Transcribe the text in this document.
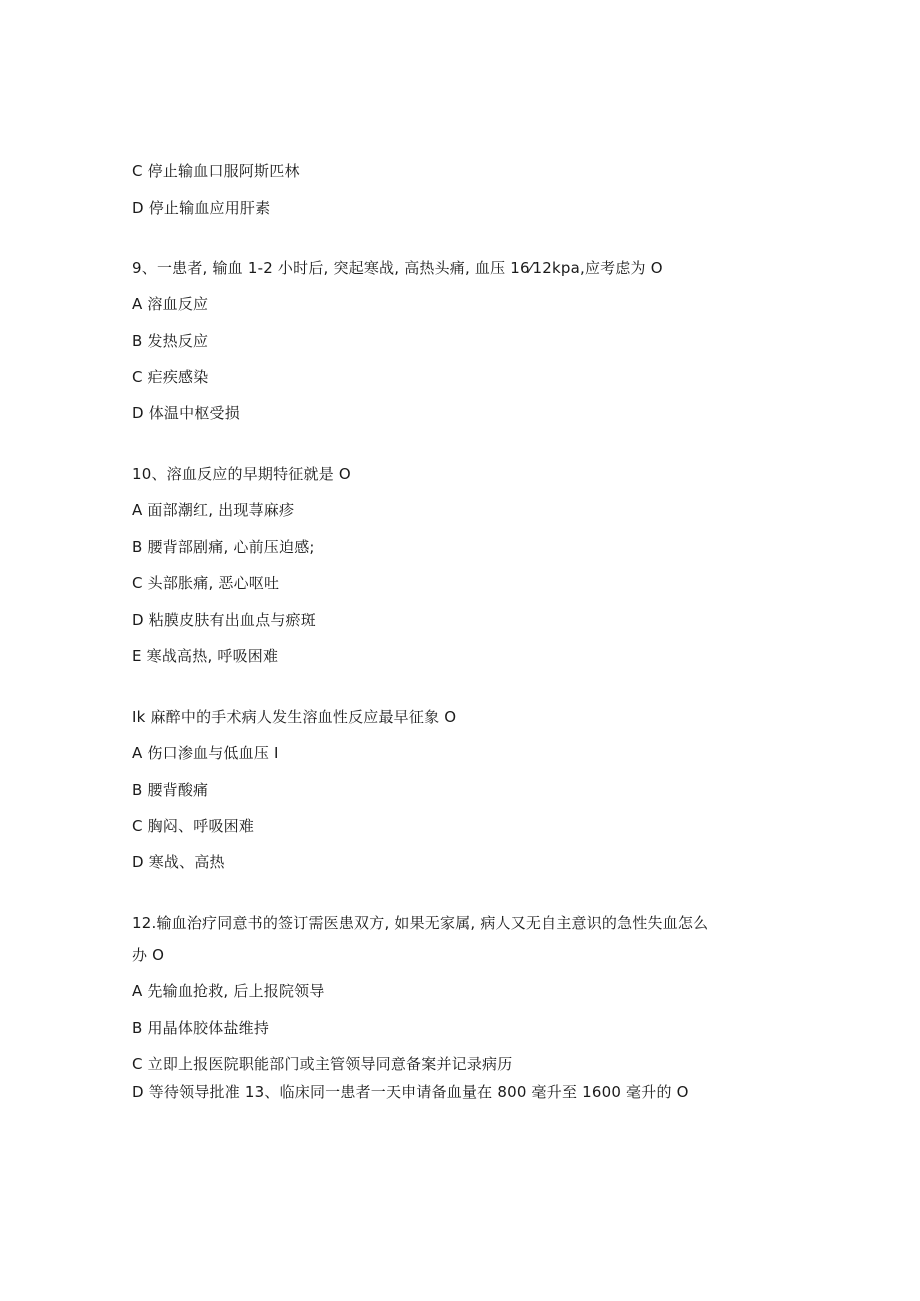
C 停止输血口服阿斯匹林
D 停止输血应用肝素
9、一患者, 输血 1-2 小时后, 突起寒战, 高热头痛, 血压 16⁄12kpa,应考虑为 O
A 溶血反应
B 发热反应
C 疟疾感染
D 体温中枢受损
10、溶血反应的早期特征就是 O
A 面部潮红, 出现荨麻疹
B 腰背部剧痛, 心前压迫感;
C 头部胀痛, 恶心呕吐
D 粘膜皮肤有出血点与瘀斑
E 寒战高热, 呼吸困难
Ik 麻醉中的手术病人发生溶血性反应最早征象 O
A 伤口渗血与低血压 I
B 腰背酸痛
C 胸闷、呼吸困难
D 寒战、高热
12.输血治疗同意书的签订需医患双方, 如果无家属, 病人又无自主意识的急性失血怎么
办 O
A 先输血抢救, 后上报院领导
B 用晶体胶体盐维持
C 立即上报医院职能部门或主管领导同意备案并记录病历
D 等待领导批准 13、临床同一患者一天申请备血量在 800 毫升至 1600 毫升的 O
